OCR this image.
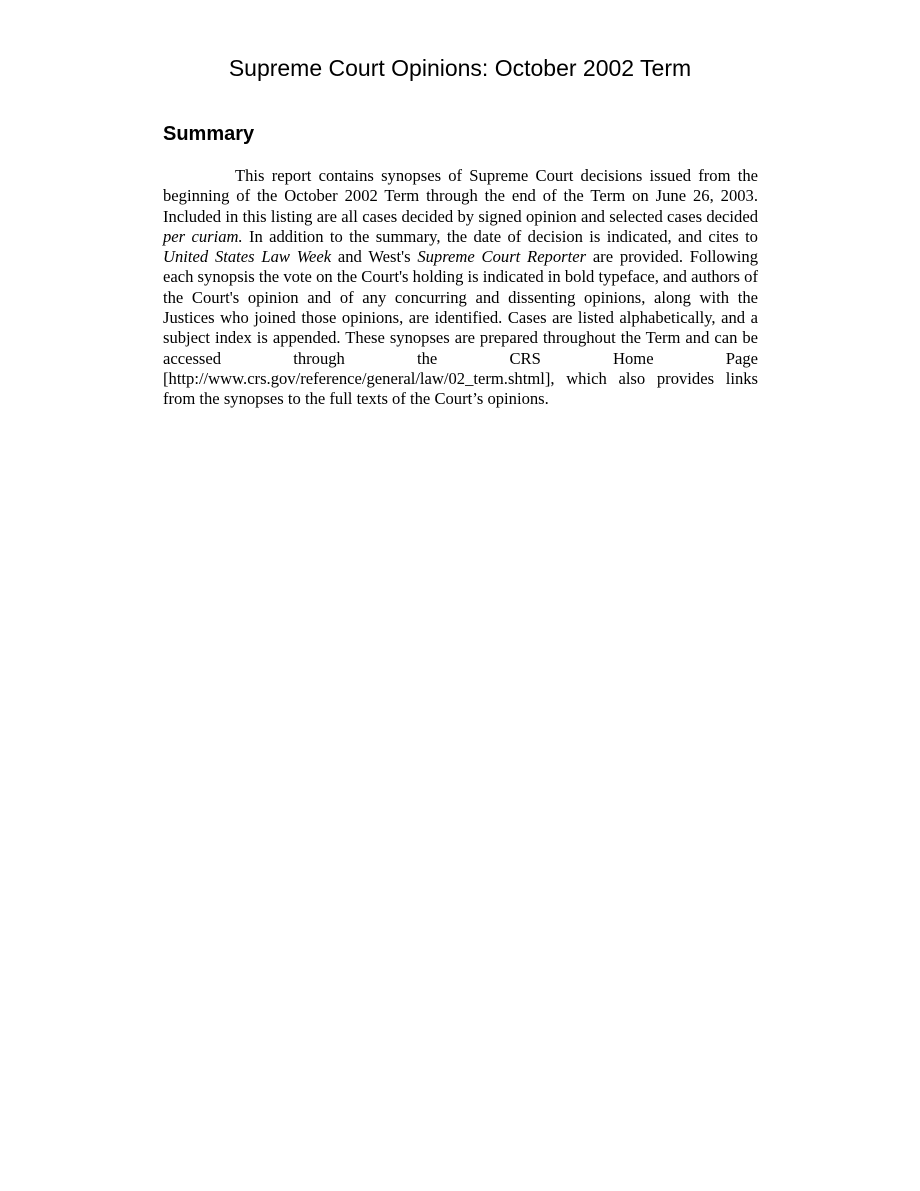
Supreme Court Opinions: October 2002 Term
Summary

This report contains synopses of Supreme Court decisions issued from the beginning of the October 2002 Term through the end of the Term on June 26, 2003. Included in this listing are all cases decided by signed opinion and selected cases decided per curiam. In addition to the summary, the date of decision is indicated, and cites to United States Law Week and West's Supreme Court Reporter are provided. Following each synopsis the vote on the Court's holding is indicated in bold typeface, and authors of the Court's opinion and of any concurring and dissenting opinions, along with the Justices who joined those opinions, are identified. Cases are listed alphabetically, and a subject index is appended. These synopses are prepared throughout the Term and can be accessed through the CRS Home Page [http://www.crs.gov/reference/general/law/02_term.shtml], which also provides links from the synopses to the full texts of the Court’s opinions.
